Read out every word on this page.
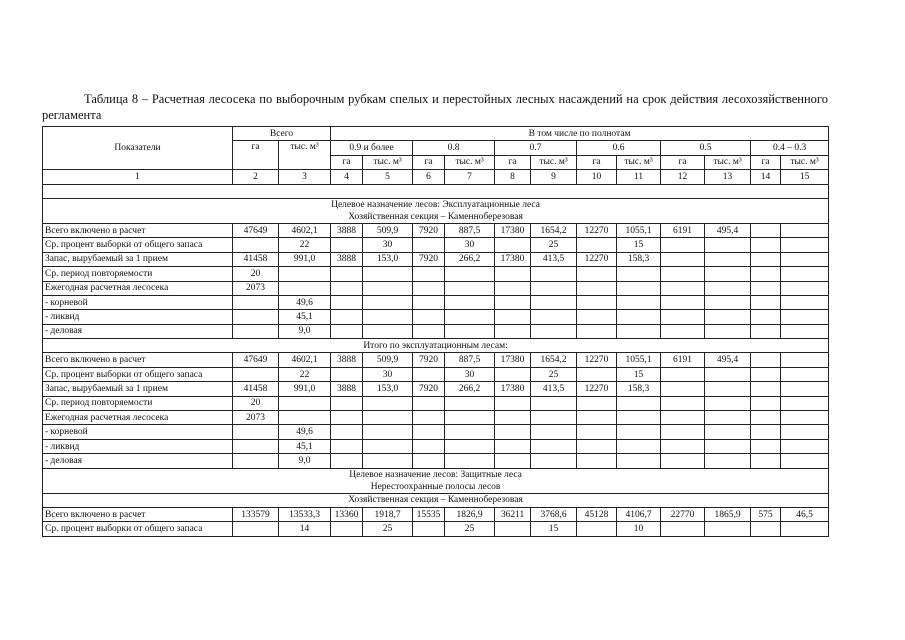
Таблица 8 – Расчетная лесосека по выборочным рубкам спелых и перестойных лесных насаждений на срок действия лесохозяйственного регламента
Показатели	Всего		В том числе по полнотам											
	га	тыс. м³	0.9 и более		0.8		0.7		0.6		0.5		0.4 – 0.3	
			га	тыс. м³	га	тыс. м³	га	тыс. м³	га	тыс. м³	га	тыс. м³	га	тыс. м³
1	2	3	4	5	6	7	8	9	10	11	12	13	14	15

Целевое назначение лесов: Эксплуатационные леса
Хозяйственная секция – Каменноберезовая														

Всего включено в расчет	47649	4602,1	3888	509,9	7920	887,5	17380	1654,2	12270	1055,1	6191	495,4		
Ср. процент выборки от общего запаса		22		30		30		25		15				
Запас, вырубаемый за 1 прием	41458	991,0	3888	153,0	7920	266,2	17380	413,5	12270	158,3				
Ср. период повторяемости	20													
Ежегодная расчетная лесосека	2073													
- корневой		49,6												
- ликвид		45,1												
- деловая		9,0												

Итого по эксплуатационным лесам:														

Всего включено в расчет	47649	4602,1	3888	509,9	7920	887,5	17380	1654,2	12270	1055,1	6191	495,4		
Ср. процент выборки от общего запаса		22		30		30		25		15				
Запас, вырубаемый за 1 прием	41458	991,0	3888	153,0	7920	266,2	17380	413,5	12270	158,3				
Ср. период повторяемости	20													
Ежегодная расчетная лесосека	2073													
- корневой		49,6												
- ликвид		45,1												
- деловая		9,0												

Целевое назначение лесов: Защитные леса
Нерестоохранные полосы лесов														

Хозяйственная секция – Каменноберезовая														
Всего включено в расчет	133579	13533,3	13360	1918,7	15535	1826,9	36211	3768,6	45128	4106,7	22770	1865,9	575	46,5
Ср. процент выборки от общего запаса		14		25		25		15		10				
